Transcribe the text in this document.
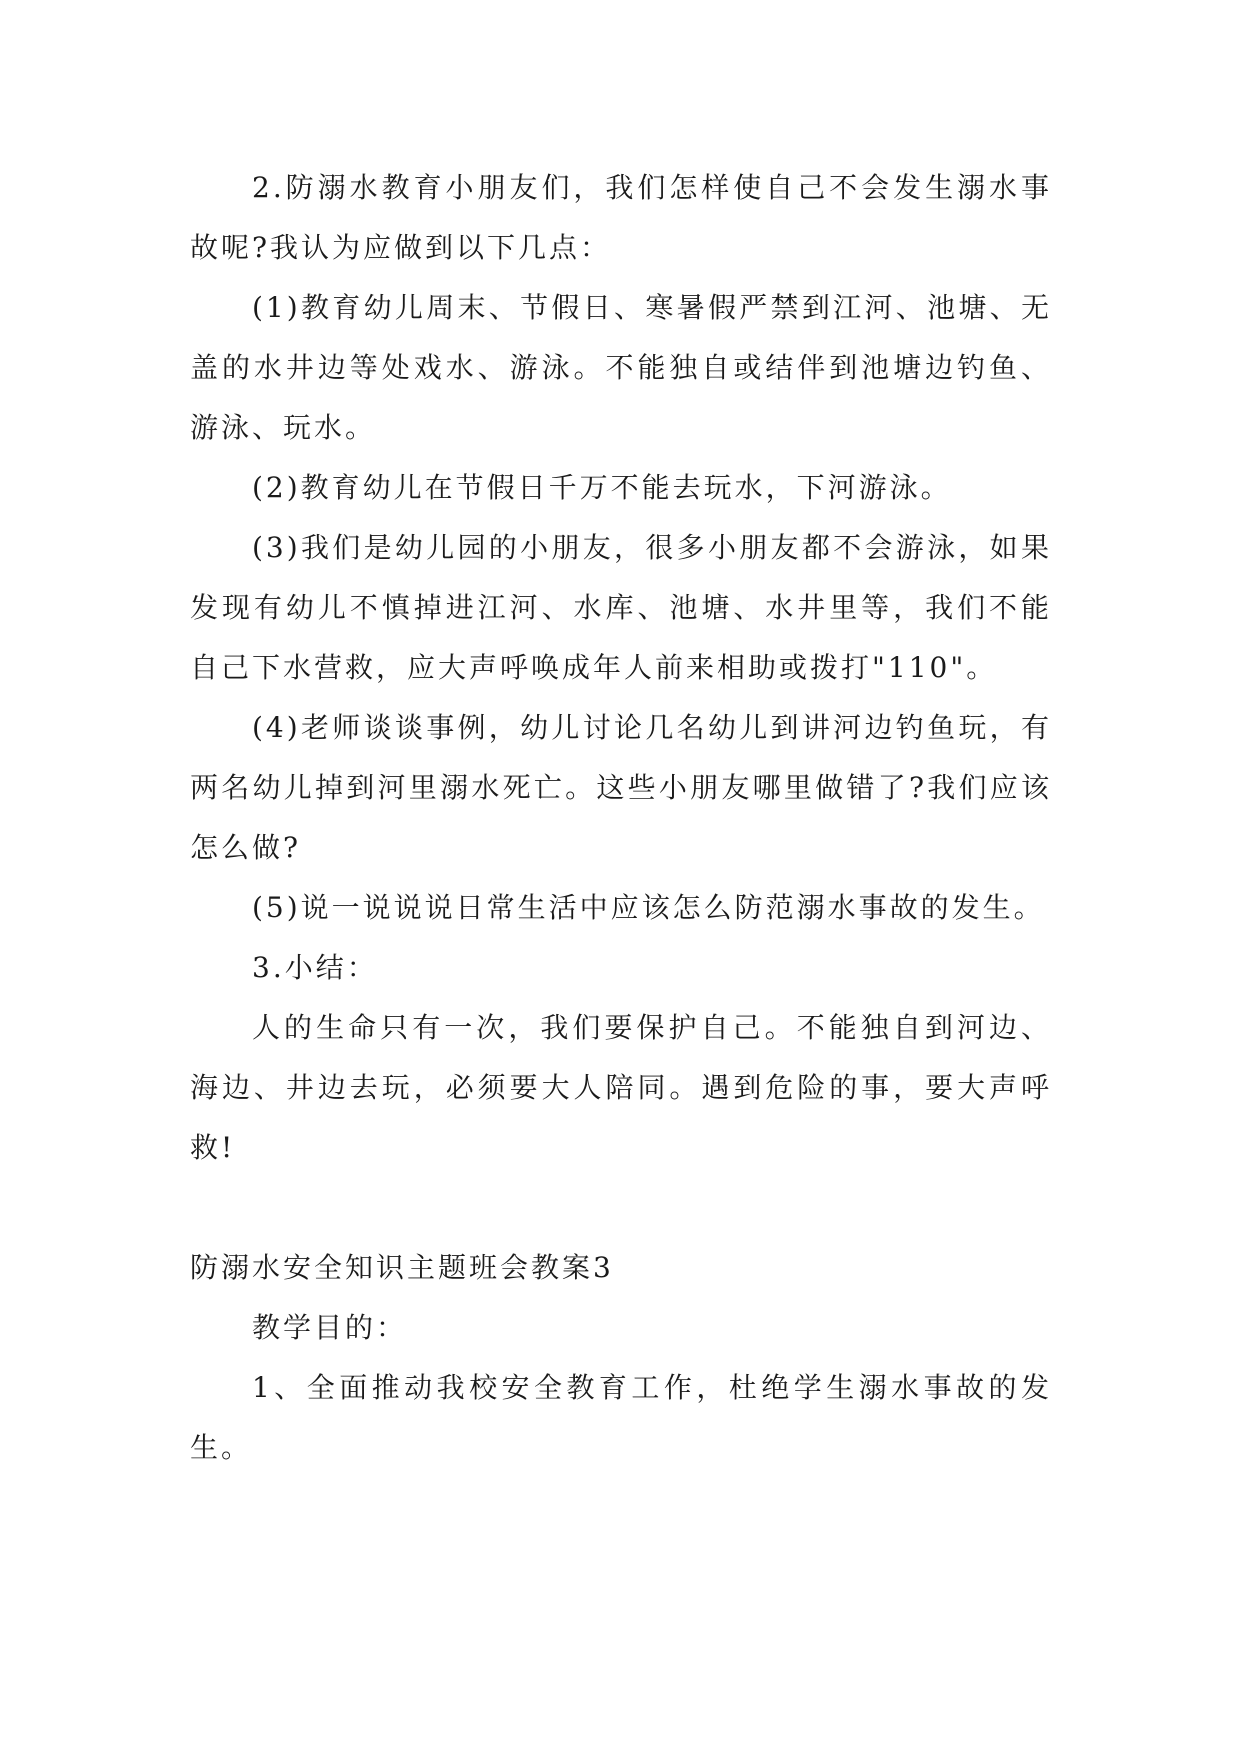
2.防溺水教育小朋友们，我们怎样使自己不会发生溺水事故呢?我认为应做到以下几点：

(1)教育幼儿周末、节假日、寒暑假严禁到江河、池塘、无盖的水井边等处戏水、游泳。不能独自或结伴到池塘边钓鱼、游泳、玩水。

(2)教育幼儿在节假日千万不能去玩水，下河游泳。

(3)我们是幼儿园的小朋友，很多小朋友都不会游泳，如果发现有幼儿不慎掉进江河、水库、池塘、水井里等，我们不能自己下水营救，应大声呼唤成年人前来相助或拨打"110"。

(4)老师谈谈事例，幼儿讨论几名幼儿到讲河边钓鱼玩，有两名幼儿掉到河里溺水死亡。这些小朋友哪里做错了?我们应该怎么做?

(5)说一说说说日常生活中应该怎么防范溺水事故的发生。

3.小结：

人的生命只有一次，我们要保护自己。不能独自到河边、海边、井边去玩，必须要大人陪同。遇到危险的事，要大声呼救!

防溺水安全知识主题班会教案3

教学目的：

1、全面推动我校安全教育工作，杜绝学生溺水事故的发生。
